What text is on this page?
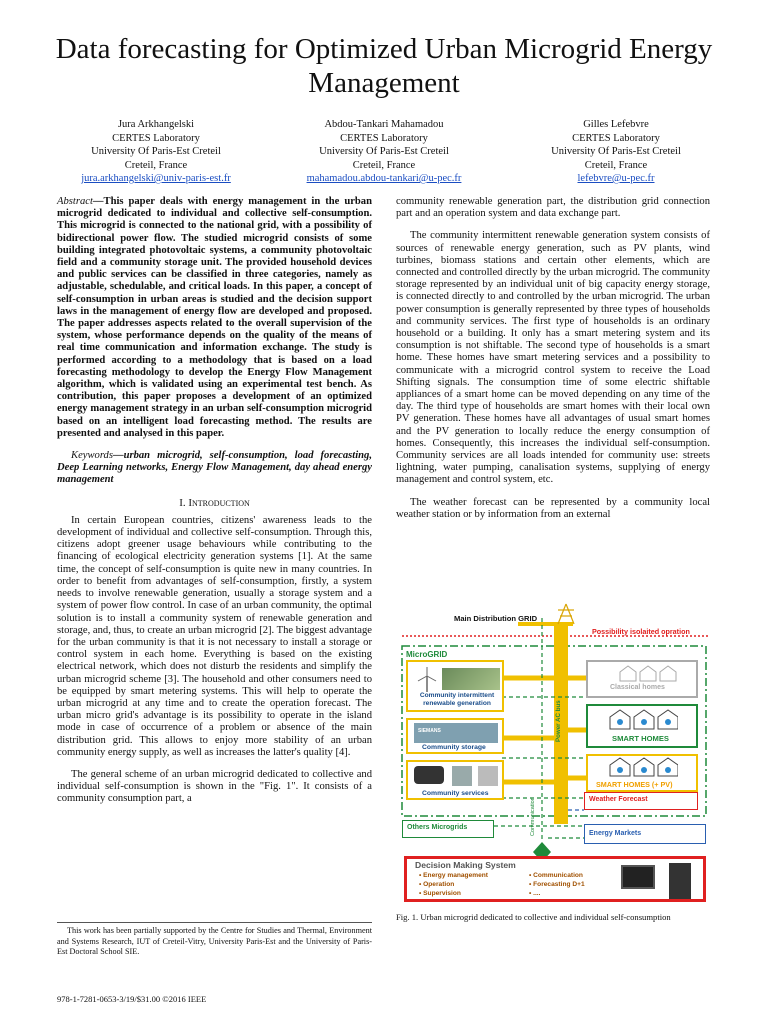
Data forecasting for Optimized Urban Microgrid Energy Management
Jura Arkhangelski
CERTES Laboratory
University Of Paris-Est Creteil
Creteil, France
jura.arkhangelski@univ-paris-est.fr
Abdou-Tankari Mahamadou
CERTES Laboratory
University Of Paris-Est Creteil
Creteil, France
mahamadou.abdou-tankari@u-pec.fr
Gilles Lefebvre
CERTES Laboratory
University Of Paris-Est Creteil
Creteil, France
lefebvre@u-pec.fr

Abstract—This paper deals with energy management in the urban microgrid dedicated to individual and collective self-consumption. This microgrid is connected to the national grid, with a possibility of bidirectional power flow. The studied microgrid consists of some building integrated photovoltaic systems, a community photovoltaic field and a community storage unit. The provided household devices and public services can be classified in three categories, namely as adjustable, schedulable, and critical loads. In this paper, a concept of self-consumption in urban areas is studied and the decision support laws in the management of energy flow are developed and proposed. The paper addresses aspects related to the overall supervision of the system, whose performance depends on the quality of the means of real time communication and information exchange. The study is performed according to a methodology that is based on a load forecasting methodology to develop the Energy Flow Management algorithm, which is validated using an experimental test bench. As contribution, this paper proposes a development of an optimized energy management strategy in an urban self-consumption microgrid based on an intelligent load forecasting method. The results are presented and analysed in this paper.

Keywords—urban microgrid, self-consumption, load forecasting, Deep Learning networks, Energy Flow Management, day ahead energy management

I. Introduction

In certain European countries, citizens' awareness leads to the development of individual and collective self-consumption. Through this, citizens adopt greener usage behaviours while contributing to the financing of ecological electricity generation systems [1]. At the same time, the concept of self-consumption is quite new in many countries. In order to benefit from advantages of self-consumption, firstly, a system needs to involve renewable generation, usually a storage system and a system of power flow control. In case of an urban community, the optimal solution is to install a community system of renewable generation and storage, and, thus, to create an urban microgrid [2]. The biggest advantage for the urban community is that it is not necessary to install a storage or control system in each home. Everything is based on the existing electrical network, which does not disturb the residents and simplify the urban microgrid scheme [3]. The household and other consumers need to be equipped by smart metering systems. This will help to operate the urban microgrid at any time and to create the operation forecast. The urban micro grid's advantage is its possibility to operate in the island mode in case of occurrence of a problem or absence of the main distribution grid. This allows to enjoy more stability of an urban community energy supply, as well as increases the latter's quality [4].

The general scheme of an urban microgrid dedicated to collective and individual self-consumption is shown in the "Fig. 1". It consists of a community consumption part, a

community renewable generation part, the distribution grid connection part and an operation system and data exchange part.

The community intermittent renewable generation system consists of sources of renewable energy generation, such as PV plants, wind turbines, biomass stations and certain other elements, which are connected and controlled directly by the urban microgrid. The community storage represented by an individual unit of big capacity energy storage, is connected directly to and controlled by the urban microgrid. The urban power consumption is generally represented by three types of households and community services. The first type of households is an ordinary household or a building. It only has a smart metering system and its consumption is not shiftable. The second type of households is a smart home. These homes have smart metering services and a possibility to communicate with a microgrid control system to receive the Load Shifting signals. The consumption time of some electric shiftable appliances of a smart home can be moved depending on any time of the day. The third type of households are smart homes with their local own PV generation. These homes have all advantages of usual smart homes and the PV generation to locally reduce the energy consumption of homes. Consequently, this increases the individual self-consumption. Community services are all loads intended for community use: streets lightning, water pumping, canalisation systems, supplying of energy management and control system, etc.

The weather forecast can be represented by a community local weather station or by information from an external

Main Distribution GRID
Possibility isolaited opration
MicroGRID
Community intermittent renewable generation
SIEMANS
Community storage
Community services
Classical homes
SMART HOMES
SMART HOMES (+ PV)
Weather Forecast
Power AC bus
Communication
Others Microgrids
Energy Markets
Decision Making System
• Energy management
• Operation
• Supervision
• Communication
• Forecasting D+1
• ....
Fig. 1. Urban microgrid dedicated to collective and individual self-consumption
This work has been partially supported by the Centre for Studies and Thermal, Environment and Systems Research, IUT of Creteil-Vitry, University Paris-Est and the University of Paris-Est Doctoral School SIE.
978-1-7281-0653-3/19/$31.00 ©2016 IEEE
